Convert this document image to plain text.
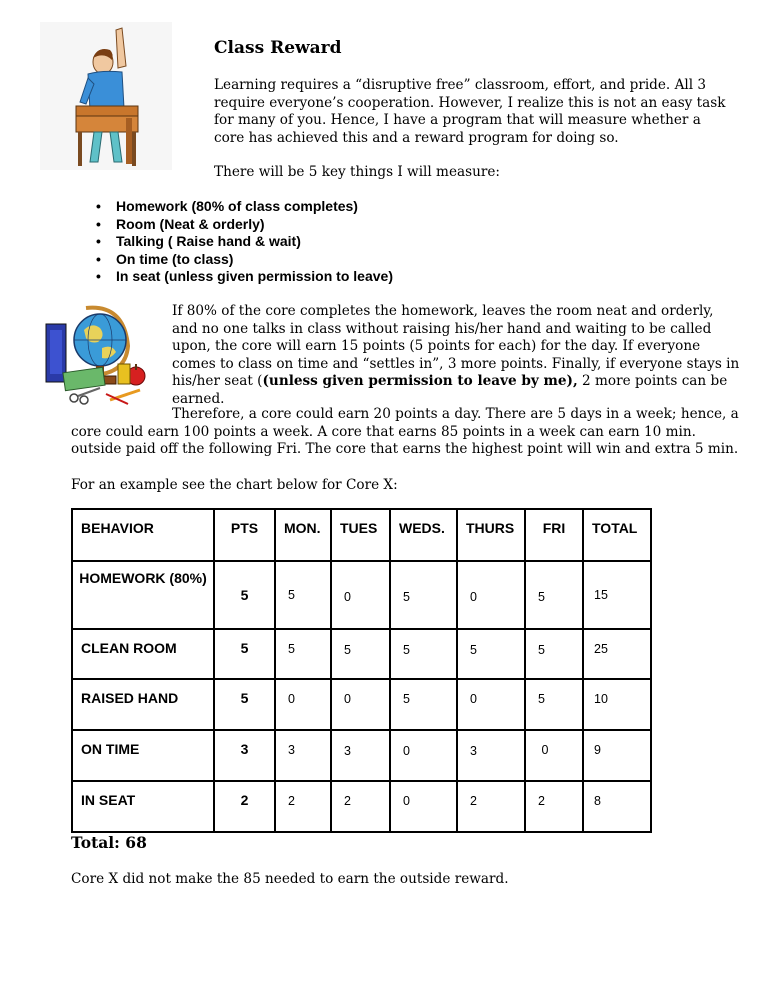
Class Reward

Learning requires a “disruptive free” classroom, effort, and pride. All 3 require everyone’s cooperation. However, I realize this is not an easy task for many of you. Hence, I have a program that will measure whether a core has achieved this and a reward program for doing so.

There will be 5 key things I will measure:

• Homework (80% of class completes)
• Room (Neat & orderly)
• Talking ( Raise hand & wait)
• On time (to class)
• In seat (unless given permission to leave)

If 80% of the core completes the homework, leaves the room neat and orderly, and no one talks in class without raising his/her hand and waiting to be called upon, the core will earn 15 points (5 points for each) for the day. If everyone comes to class on time and “settles in”, 3 more points. Finally, if everyone stays in his/her seat ((unless given permission to leave by me), 2 more points can be earned.

Therefore, a core could earn 20 points a day. There are 5 days in a week; hence, a core could earn 100 points a week. A core that earns 85 points in a week can earn 10 min. outside paid off the following Fri. The core that earns the highest point will win and extra 5 min.

For an example see the chart below for Core X:

BEHAVIOR	PTS	MON.	TUES	WEDS.	THURS	FRI	TOTAL
HOMEWORK (80%)	5	5	0	5	0	5	15
CLEAN ROOM	5	5	5	5	5	5	25
RAISED HAND	5	0	0	5	0	5	10
ON TIME	3	3	3	0	3	0	9
IN SEAT	2	2	2	0	2	2	8

Total: 68

Core X did not make the 85 needed to earn the outside reward.
